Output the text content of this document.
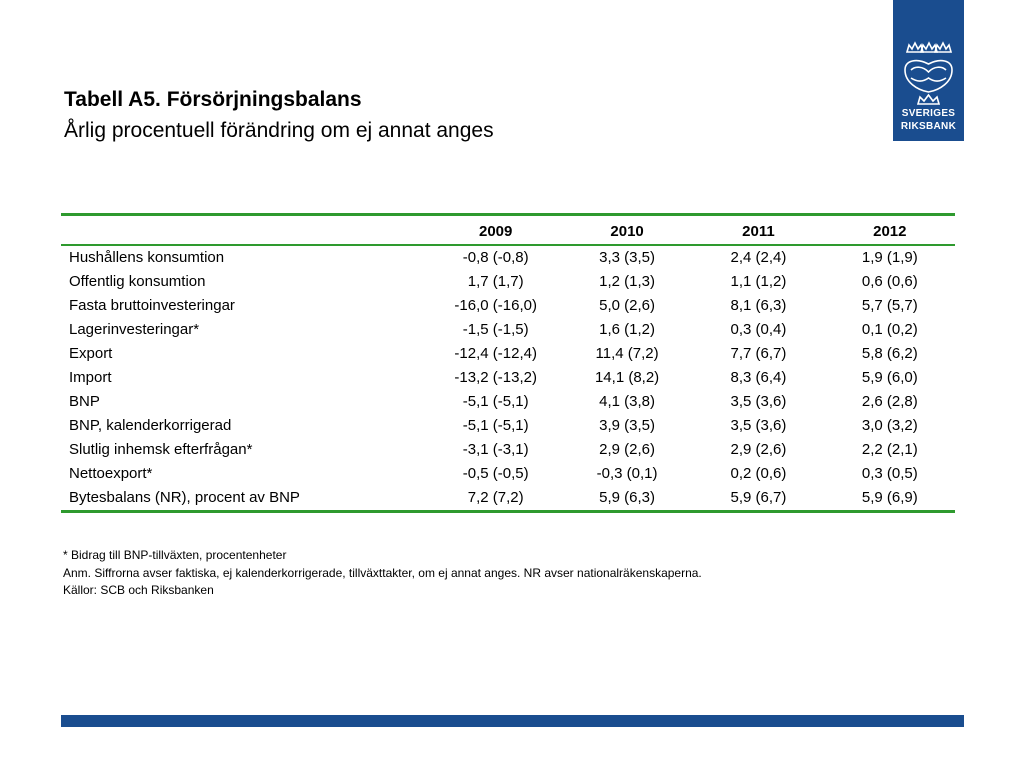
SVERIGES
RIKSBANK
Tabell A5. Försörjningsbalans
Årlig procentuell förändring om ej annat anges
	2009	2010	2011	2012
Hushållens konsumtion	-0,8 (-0,8)	3,3 (3,5)	2,4 (2,4)	1,9 (1,9)
Offentlig konsumtion	1,7 (1,7)	1,2 (1,3)	1,1 (1,2)	0,6 (0,6)
Fasta bruttoinvesteringar	-16,0 (-16,0)	5,0 (2,6)	8,1 (6,3)	5,7 (5,7)
Lagerinvesteringar*	-1,5 (-1,5)	1,6 (1,2)	0,3 (0,4)	0,1 (0,2)
Export	-12,4 (-12,4)	11,4 (7,2)	7,7 (6,7)	5,8 (6,2)
Import	-13,2 (-13,2)	14,1 (8,2)	8,3 (6,4)	5,9 (6,0)
BNP	-5,1 (-5,1)	4,1 (3,8)	3,5 (3,6)	2,6 (2,8)
BNP, kalenderkorrigerad	-5,1 (-5,1)	3,9 (3,5)	3,5 (3,6)	3,0 (3,2)
Slutlig inhemsk efterfrågan*	-3,1 (-3,1)	2,9 (2,6)	2,9 (2,6)	2,2 (2,1)
Nettoexport*	-0,5 (-0,5)	-0,3 (0,1)	0,2 (0,6)	0,3 (0,5)
Bytesbalans (NR), procent av BNP	7,2 (7,2)	5,9 (6,3)	5,9 (6,7)	5,9 (6,9)
* Bidrag till BNP-tillväxten, procentenheter
Anm. Siffrorna avser faktiska, ej kalenderkorrigerade, tillväxttakter, om ej annat anges. NR avser nationalräkenskaperna.
Källor: SCB och Riksbanken
